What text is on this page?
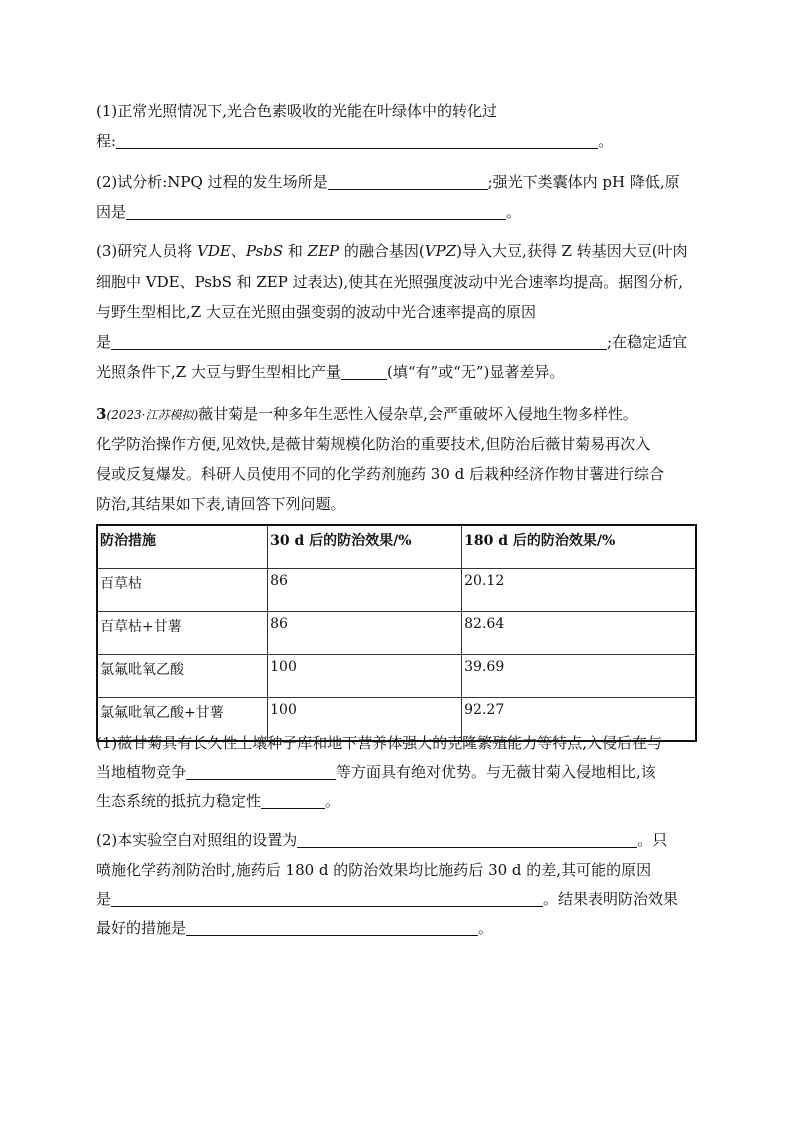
(1)正常光照情况下,光合色素吸收的光能在叶绿体中的转化过
程:	。
(2)试分析:NPQ 过程的发生场所是	;强光下类囊体内 pH 降低,原
因是	。
(3)研究人员将 VDE、PsbS 和 ZEP 的融合基因(VPZ)导入大豆,获得 Z 转基因大豆(叶肉
细胞中 VDE、PsbS 和 ZEP 过表达),使其在光照强度波动中光合速率均提高。据图分析,
与野生型相比,Z 大豆在光照由强变弱的波动中光合速率提高的原因
是	;在稳定适宜
光照条件下,Z 大豆与野生型相比产量	(填“有”或“无”)显著差异。
3(2023·江苏模拟)薇甘菊是一种多年生恶性入侵杂草,会严重破坏入侵地生物多样性。
化学防治操作方便,见效快,是薇甘菊规模化防治的重要技术,但防治后薇甘菊易再次入
侵或反复爆发。科研人员使用不同的化学药剂施药 30 d 后栽种经济作物甘薯进行综合
防治,其结果如下表,请回答下列问题。
防治措施	30 d 后的防治效果/%	180 d 后的防治效果/%
百草枯	86	20.12
百草枯+甘薯	86	82.64
氯氟吡氧乙酸	100	39.69
氯氟吡氧乙酸+甘薯	100	92.27
(1)薇甘菊具有长久性土壤种子库和地下营养体强大的克隆繁殖能力等特点,入侵后在与
当地植物竞争	等方面具有绝对优势。与无薇甘菊入侵地相比,该
生态系统的抵抗力稳定性	。
(2)本实验空白对照组的设置为	。只
喷施化学药剂防治时,施药后 180 d 的防治效果均比施药后 30 d 的差,其可能的原因
是	。结果表明防治效果
最好的措施是	。
